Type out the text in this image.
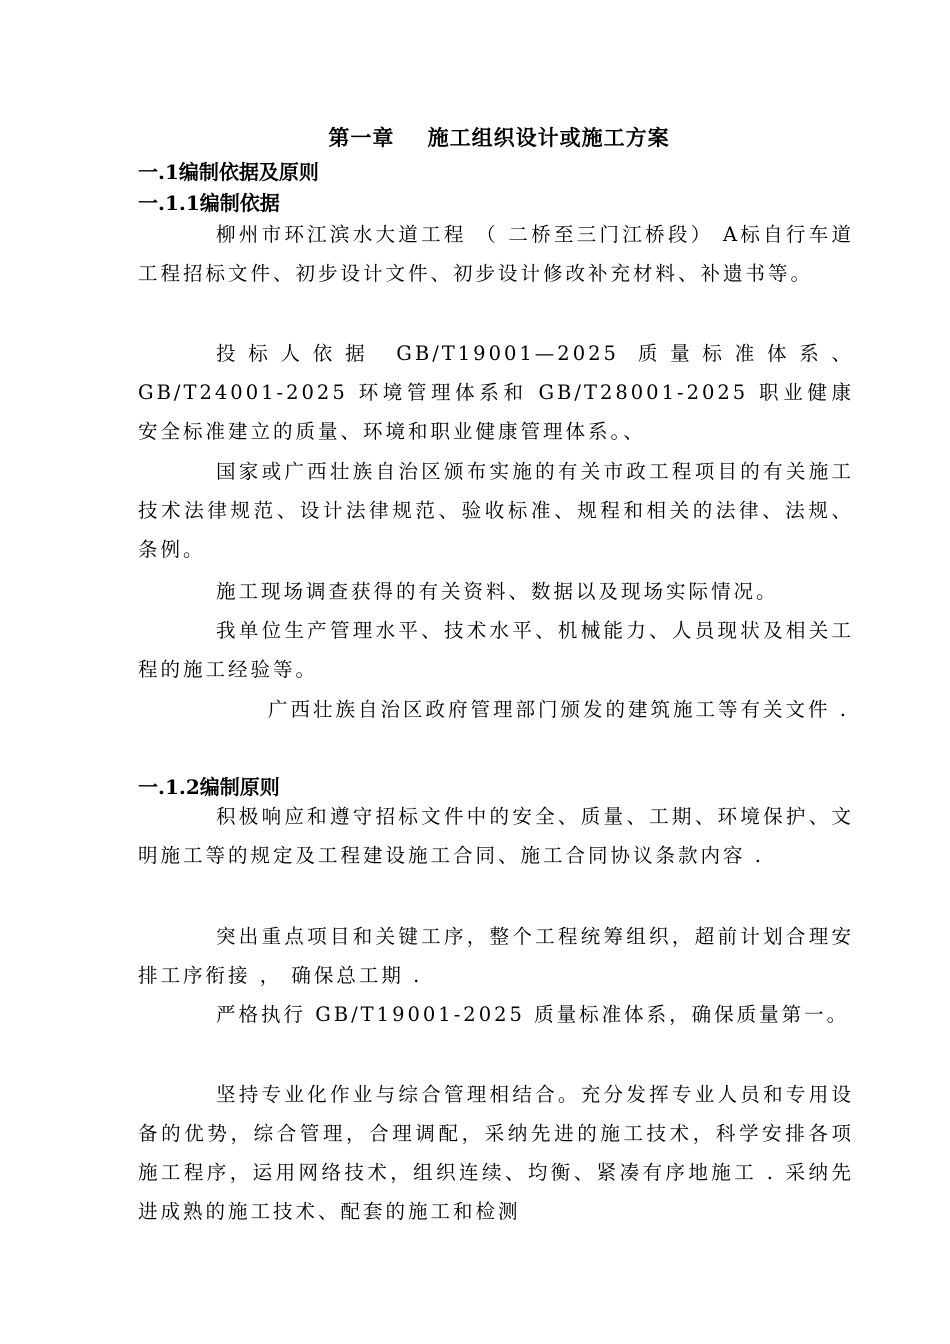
第一章    施工组织设计或施工方案
一.1编制依据及原则
一.1.1编制依据

柳州市环江滨水大道工程 （ 二桥至三门江桥段） A标自行车道工程招标文件、初步设计文件、初步设计修改补充材料、补遗书等。

投标人依据 GB/T19001—2025 质量标准体系、 GB/T24001-2025 环境管理体系和 GB/T28001-2025 职业健康安全标准建立的质量、环境和职业健康管理体系。、

国家或广西壮族自治区颁布实施的有关市政工程项目的有关施工技术法律规范、设计法律规范、验收标准、规程和相关的法律、法规、条例。

施工现场调查获得的有关资料、数据以及现场实际情况。

我单位生产管理水平、技术水平、机械能力、人员现状及相关工程的施工经验等。

广西壮族自治区政府管理部门颁发的建筑施工等有关文件 .

一.1.2编制原则

积极响应和遵守招标文件中的安全、质量、工期、环境保护、文明施工等的规定及工程建设施工合同、施工合同协议条款内容 .

突出重点项目和关键工序，整个工程统筹组织，超前计划合理安排工序衔接 ， 确保总工期 .

严格执行 GB/T19001-2025 质量标准体系，确保质量第一。

坚持专业化作业与综合管理相结合。充分发挥专业人员和专用设备的优势，综合管理，合理调配，采纳先进的施工技术，科学安排各项施工程序，运用网络技术，组织连续、均衡、紧凑有序地施工 . 采纳先进成熟的施工技术、配套的施工和检测
